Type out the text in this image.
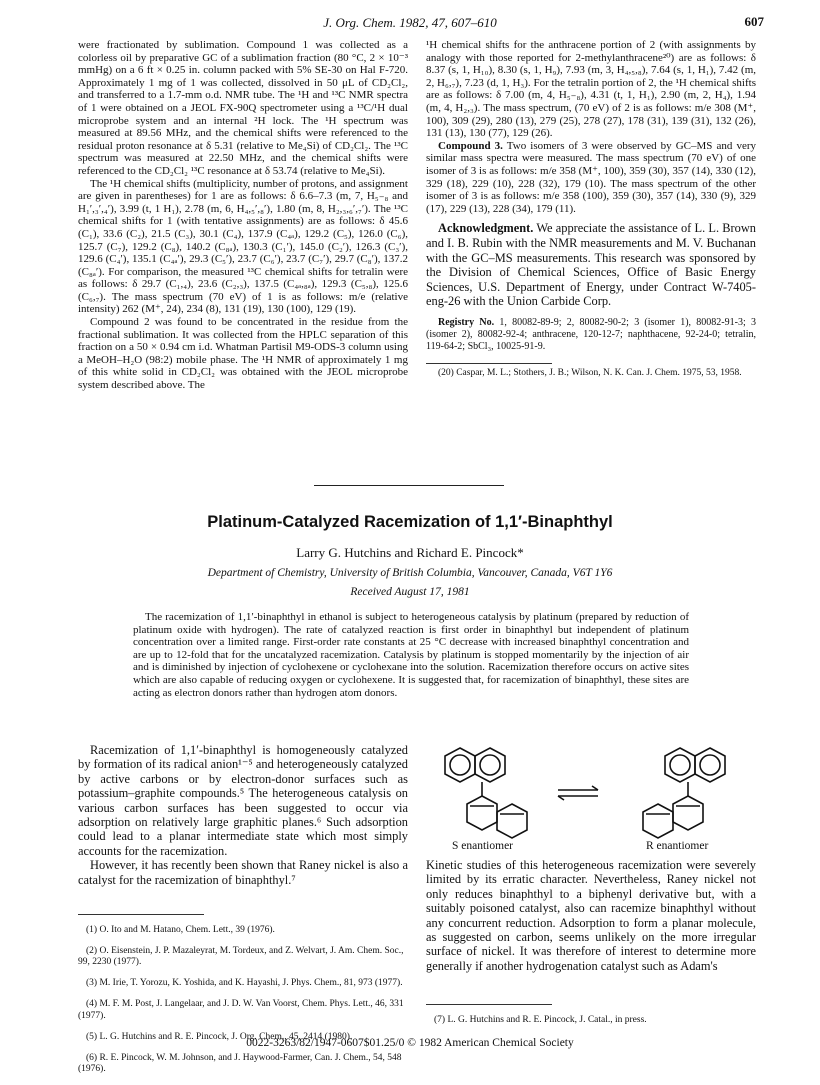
J. Org. Chem. 1982, 47, 607–610	607

were fractionated by sublimation. Compound 1 was collected as a colorless oil by preparative GC of a sublimation fraction (80 °C, 2 × 10⁻³ mmHg) on a 6 ft × 0.25 in. column packed with 5% SE-30 on Hal F-720. Approximately 1 mg of 1 was collected, dissolved in 50 μL of CD₂Cl₂, and transferred to a 1.7-mm o.d. NMR tube. The ¹H and ¹³C NMR spectra of 1 were obtained on a JEOL FX-90Q spectrometer using a ¹³C/¹H dual microprobe system and an internal ²H lock. The ¹H spectrum was measured at 89.56 MHz, and the chemical shifts were referenced to the residual proton resonance at δ 5.31 (relative to Me₄Si) of CD₂Cl₂. The ¹³C spectrum was measured at 22.50 MHz, and the chemical shifts were referenced to the CD₂Cl₂ ¹³C resonance at δ 53.74 (relative to Me₄Si).

The ¹H chemical shifts (multiplicity, number of protons, and assignment are given in parentheses) for 1 are as follows: δ 6.6–7.3 (m, 7, H₅₋₈ and H₁′,₃′,₄′), 3.99 (t, 1 H₁), 2.78 (m, 6, H₄,₅′,₈′), 1.80 (m, 8, H₂,₃,₆′,₇′). The ¹³C chemical shifts for 1 (with tentative assignments) are as follows: δ 45.6 (C₁), 33.6 (C₂), 21.5 (C₃), 30.1 (C₄), 137.9 (C₄ₐ), 129.2 (C₅), 126.0 (C₆), 125.7 (C₇), 129.2 (C₈), 140.2 (C₈ₐ), 130.3 (C₁′), 145.0 (C₂′), 126.3 (C₃′), 129.6 (C₄′), 135.1 (C₄ₐ′), 29.3 (C₅′), 23.7 (C₆′), 23.7 (C₇′), 29.7 (C₈′), 137.2 (C₈ₐ′). For comparison, the measured ¹³C chemical shifts for tetralin were as follows: δ 29.7 (C₁,₄), 23.6 (C₂,₃), 137.5 (C₄ₐ,₈ₐ), 129.3 (C₅,₈), 125.6 (C₆,₇). The mass spectrum (70 eV) of 1 is as follows: m/e (relative intensity) 262 (M⁺, 24), 234 (8), 131 (19), 130 (100), 129 (19).

Compound 2 was found to be concentrated in the residue from the fractional sublimation. It was collected from the HPLC separation of this fraction on a 50 × 0.94 cm i.d. Whatman Partisil M9-ODS-3 column using a MeOH–H₂O (98:2) mobile phase. The ¹H NMR of approximately 1 mg of this white solid in CD₂Cl₂ was obtained with the JEOL microprobe system described above. The

¹H chemical shifts for the anthracene portion of 2 (with assignments by analogy with those reported for 2-methylanthracene²⁰) are as follows: δ 8.37 (s, 1, H₁₀), 8.30 (s, 1, H₉), 7.93 (m, 3, H₄,₅,₈), 7.64 (s, 1, H₁), 7.42 (m, 2, H₆,₇), 7.23 (d, 1, H₃). For the tetralin portion of 2, the ¹H chemical shifts are as follows: δ 7.00 (m, 4, H₅₋₈), 4.31 (t, 1, H₁), 2.90 (m, 2, H₄), 1.94 (m, 4, H₂,₃). The mass spectrum, (70 eV) of 2 is as follows: m/e 308 (M⁺, 100), 309 (29), 280 (13), 279 (25), 278 (27), 178 (31), 139 (31), 132 (26), 131 (13), 130 (77), 129 (26).

Compound 3. Two isomers of 3 were observed by GC–MS and very similar mass spectra were measured. The mass spectrum (70 eV) of one isomer of 3 is as follows: m/e 358 (M⁺, 100), 359 (30), 357 (14), 330 (12), 329 (18), 229 (10), 228 (32), 179 (10). The mass spectrum of the other isomer of 3 is as follows: m/e 358 (100), 359 (30), 357 (14), 330 (9), 329 (17), 229 (13), 228 (34), 179 (11).

Acknowledgment. We appreciate the assistance of L. L. Brown and I. B. Rubin with the NMR measurements and M. V. Buchanan with the GC–MS measurements. This research was sponsored by the Division of Chemical Sciences, Office of Basic Energy Sciences, U.S. Department of Energy, under Contract W-7405-eng-26 with the Union Carbide Corp.

Registry No. 1, 80082-89-9; 2, 80082-90-2; 3 (isomer 1), 80082-91-3; 3 (isomer 2), 80082-92-4; anthracene, 120-12-7; naphthacene, 92-24-0; tetralin, 119-64-2; SbCl₃, 10025-91-9.

(20) Caspar, M. L.; Stothers, J. B.; Wilson, N. K. Can. J. Chem. 1975, 53, 1958.

Platinum-Catalyzed Racemization of 1,1′-Binaphthyl
Larry G. Hutchins and Richard E. Pincock*
Department of Chemistry, University of British Columbia, Vancouver, Canada, V6T 1Y6
Received August 17, 1981
The racemization of 1,1′-binaphthyl in ethanol is subject to heterogeneous catalysis by platinum (prepared by reduction of platinum oxide with hydrogen). The rate of catalyzed reaction is first order in binaphthyl but independent of platinum concentration over a limited range. First-order rate constants at 25 °C decrease with increased binaphthyl concentration and are up to 12-fold that for the uncatalyzed racemization. Catalysis by platinum is stopped momentarily by the injection of air and is diminished by injection of cyclohexene or cyclohexane into the solution. Racemization therefore occurs on active sites which are also capable of reducing oxygen or cyclohexene. It is suggested that, for racemization of binaphthyl, these sites are acting as electron donors rather than hydrogen atom donors.

Racemization of 1,1′-binaphthyl is homogeneously catalyzed by formation of its radical anion¹⁻⁵ and heterogeneously catalyzed by active carbons or by electron-donor surfaces such as potassium–graphite compounds.⁵ The heterogeneous catalysis on various carbon surfaces has been suggested to occur via adsorption on relatively large graphitic planes.⁶ Such adsorption could lead to a planar intermediate state which most simply accounts for the racemization.

However, it has recently been shown that Raney nickel is also a catalyst for the racemization of binaphthyl.⁷

(1) O. Ito and M. Hatano, Chem. Lett., 39 (1976).

(2) O. Eisenstein, J. P. Mazaleyrat, M. Tordeux, and Z. Welvart, J. Am. Chem. Soc., 99, 2230 (1977).

(3) M. Irie, T. Yorozu, K. Yoshida, and K. Hayashi, J. Phys. Chem., 81, 973 (1977).

(4) M. F. M. Post, J. Langelaar, and J. D. W. Van Voorst, Chem. Phys. Lett., 46, 331 (1977).

(5) L. G. Hutchins and R. E. Pincock, J. Org. Chem., 45, 2414 (1980).

(6) R. E. Pincock, W. M. Johnson, and J. Haywood-Farmer, Can. J. Chem., 54, 548 (1976).

S enantiomer	R enantiomer

Kinetic studies of this heterogeneous racemization were severely limited by its erratic character. Nevertheless, Raney nickel not only reduces binaphthyl to a biphenyl derivative but, with a suitably poisoned catalyst, also can racemize binaphthyl without any concurrent reduction. Adsorption to form a planar molecule, as suggested on carbon, seems unlikely on the more irregular surface of nickel. It was therefore of interest to determine more generally if another hydrogenation catalyst such as Adam's

(7) L. G. Hutchins and R. E. Pincock, J. Catal., in press.

0022-3263/82/1947-0607$01.25/0 © 1982 American Chemical Society
